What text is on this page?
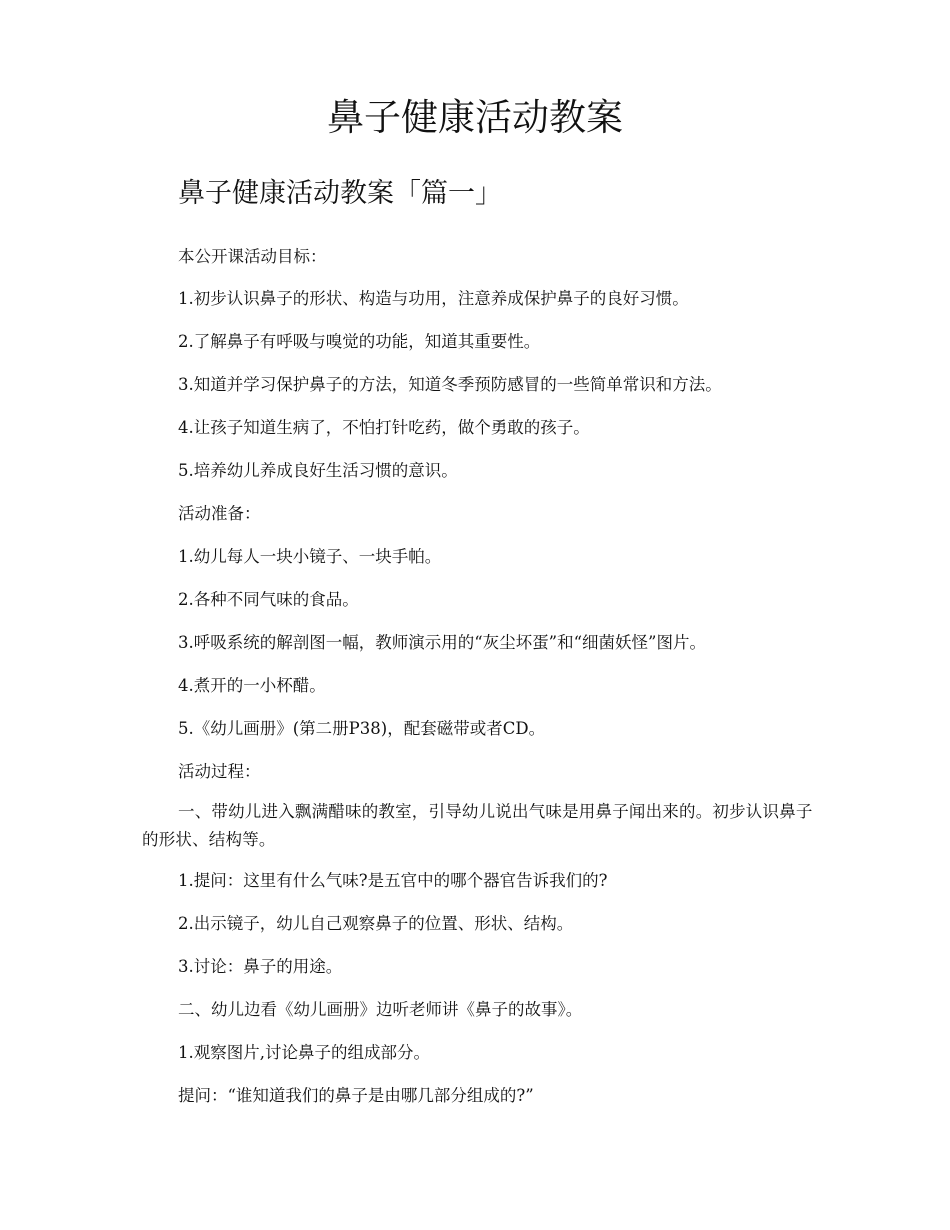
鼻子健康活动教案
鼻子健康活动教案「篇一」

本公开课活动目标：

1.初步认识鼻子的形状、构造与功用，注意养成保护鼻子的良好习惯。

2.了解鼻子有呼吸与嗅觉的功能，知道其重要性。

3.知道并学习保护鼻子的方法，知道冬季预防感冒的一些简单常识和方法。

4.让孩子知道生病了，不怕打针吃药，做个勇敢的孩子。

5.培养幼儿养成良好生活习惯的意识。

活动准备：

1.幼儿每人一块小镜子、一块手帕。

2.各种不同气味的食品。

3.呼吸系统的解剖图一幅，教师演示用的“灰尘坏蛋”和“细菌妖怪”图片。

4.煮开的一小杯醋。

5.《幼儿画册》(第二册P38)，配套磁带或者CD。

活动过程：

一、带幼儿进入飘满醋味的教室，引导幼儿说出气味是用鼻子闻出来的。初步认识鼻子的形状、结构等。

1.提问：这里有什么气味?是五官中的哪个器官告诉我们的?

2.出示镜子，幼儿自己观察鼻子的位置、形状、结构。

3.讨论：鼻子的用途。

二、幼儿边看《幼儿画册》边听老师讲《鼻子的故事》。

1.观察图片,讨论鼻子的组成部分。

提问：“谁知道我们的鼻子是由哪几部分组成的?”
